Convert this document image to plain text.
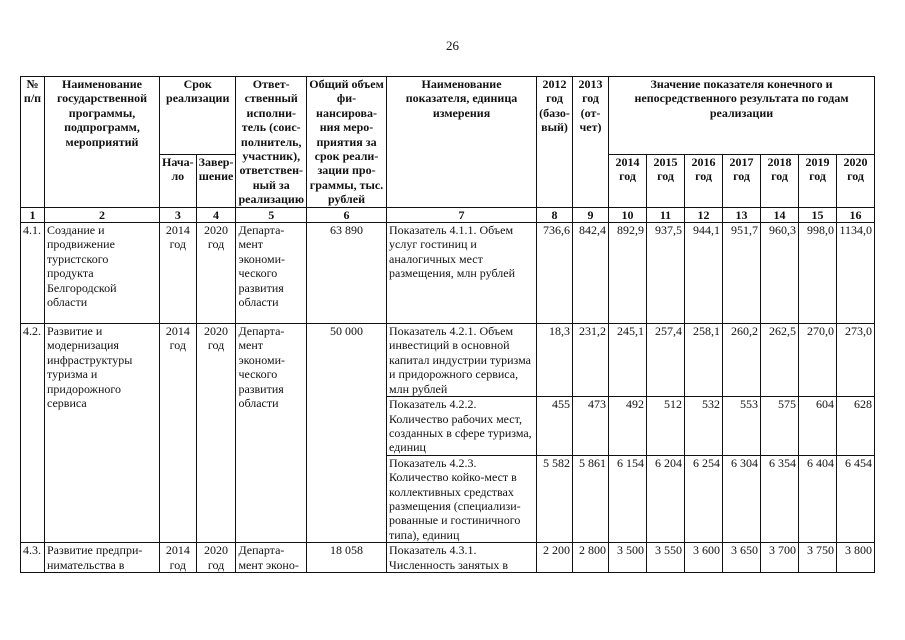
26
№ п/п	Наименование государственной программы, подпрограмм, мероприятий	Срок реализации		Ответ- ственный исполни- тель (соис- полнитель, участник), ответствен- ный за реализацию	Общий объем фи- нансирова- ния меро- приятия за срок реали- зации про- граммы, тыс. рублей	Наименование показателя, единица измерения	2012 год (базо- вый)	2013 год (от- чет)	Значение показателя конечного и непосредственного результата по годам реализации						
		Нача- ло	Завер- шение						2014 год	2015 год	2016 год	2017 год	2018 год	2019 год	2020 год
1	2	3	4	5	6	7	8	9	10	11	12	13	14	15	16
4.1.	Создание и продвижение туристского продукта Белгородской области	2014 год	2020 год	Департа- мент экономи- ческого развития области	63 890	Показатель 4.1.1. Объем услуг гостиниц и аналогичных мест размещения, млн рублей	736,6	842,4	892,9	937,5	944,1	951,7	960,3	998,0	1134,0
4.2.	Развитие и модернизация инфраструктуры туризма и придорожного сервиса	2014 год	2020 год	Департа- мент экономи- ческого развития области	50 000	Показатель 4.2.1. Объем инвестиций в основной капитал индустрии туризма и придорожного сервиса, млн рублей	18,3	231,2	245,1	257,4	258,1	260,2	262,5	270,0	273,0
						Показатель 4.2.2. Количество рабочих мест, созданных в сфере туризма, единиц	455	473	492	512	532	553	575	604	628
						Показатель 4.2.3. Количество койко-мест в коллективных средствах размещения (специализи- рованные и гостиничного типа), единиц	5 582	5 861	6 154	6 204	6 254	6 304	6 354	6 404	6 454
4.3.	Развитие предпри- нимательства в	2014 год	2020 год	Департа- мент эконо-	18 058	Показатель 4.3.1. Численность занятых в	2 200	2 800	3 500	3 550	3 600	3 650	3 700	3 750	3 800
